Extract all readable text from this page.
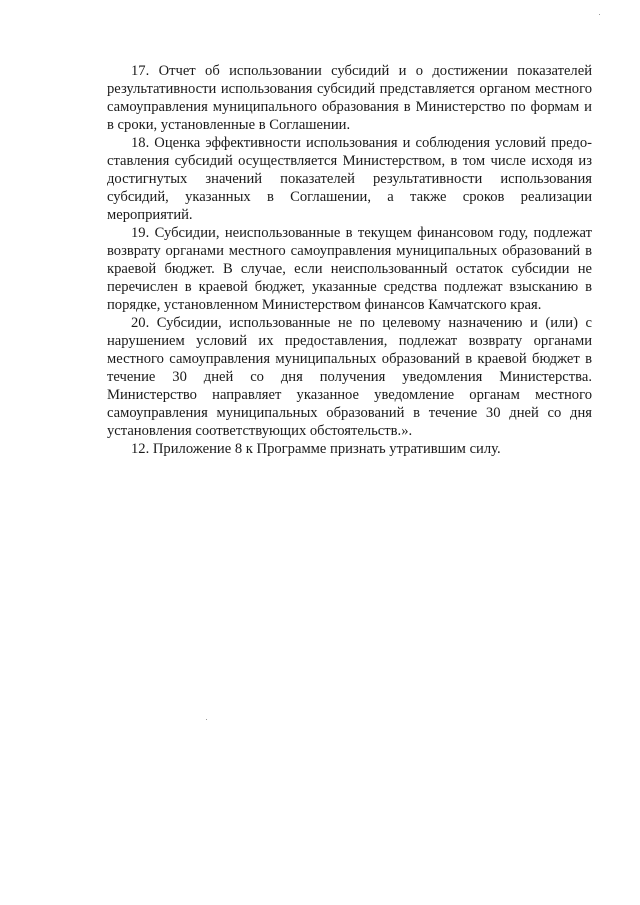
17. Отчет об использовании субсидий и о достижении показателей результативности использования субсидий представляется органом местного самоуправления муниципального образования в Министерство по формам и в сроки, установленные в Соглашении.

18. Оценка эффективности использования и соблюдения условий предоставления субсидий осуществляется Министерством, в том числе исходя из достигнутых значений показателей результативности использования субсидий, указанных в Соглашении, а также сроков реализации мероприятий.

19. Субсидии, неиспользованные в текущем финансовом году, подлежат возврату органами местного самоуправления муниципальных образований в краевой бюджет. В случае, если неиспользованный остаток субсидии не перечислен в краевой бюджет, указанные средства подлежат взысканию в порядке, установленном Министерством финансов Камчатского края.

20. Субсидии, использованные не по целевому назначению и (или) с нарушением условий их предоставления, подлежат возврату органами местного самоуправления муниципальных образований в краевой бюджет в течение 30 дней со дня получения уведомления Министерства. Министерство направляет указанное уведомление органам местного самоуправления муниципальных образований в течение 30 дней со дня установления соответствующих обстоятельств.».

12. Приложение 8 к Программе признать утратившим силу.
